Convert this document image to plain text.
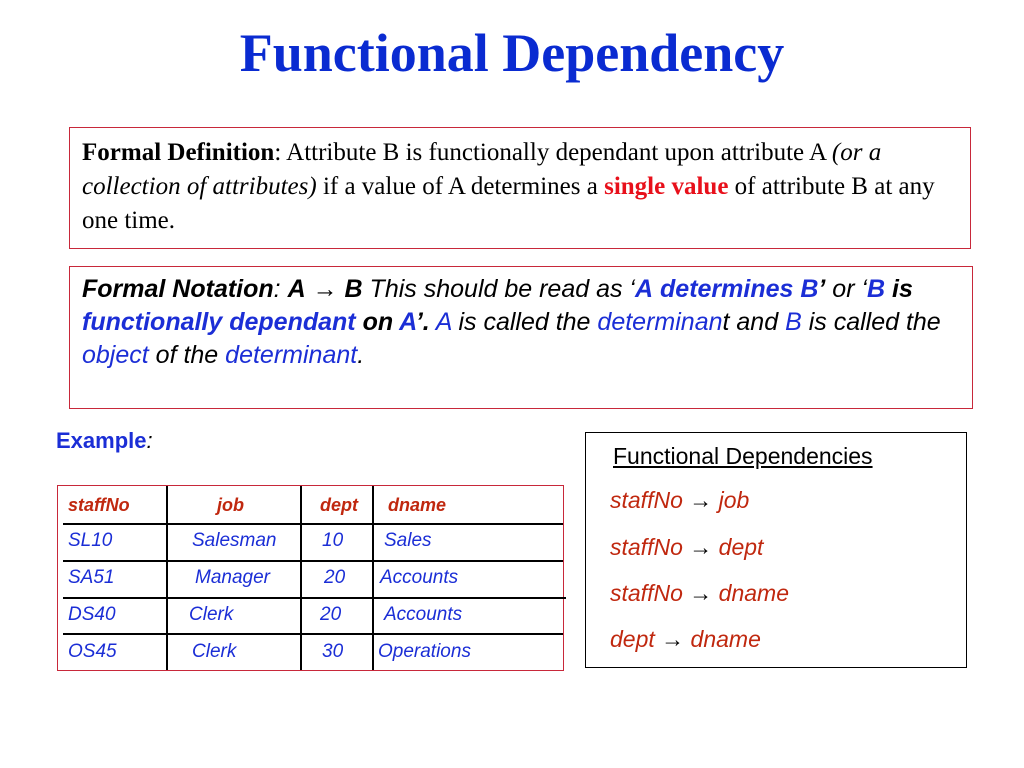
Functional Dependency

Formal Definition: Attribute B is functionally dependant upon attribute A (or a collection of attributes) if a value of A determines a single value of attribute B at any one time.

Formal Notation: A → B This should be read as ‘A determines B’ or ‘B is functionally dependant on A’. A is called the determinant and B is called the object of the determinant.

Example:
staffNo	job	dept dname
SL10	Salesman 10 Sales
SA51	Manager	20 Accounts
DS40	Clerk	20 Accounts
OS45	Clerk	30 Operations
Functional Dependencies
staffNo → job
staffNo → dept
staffNo → dname
dept → dname
